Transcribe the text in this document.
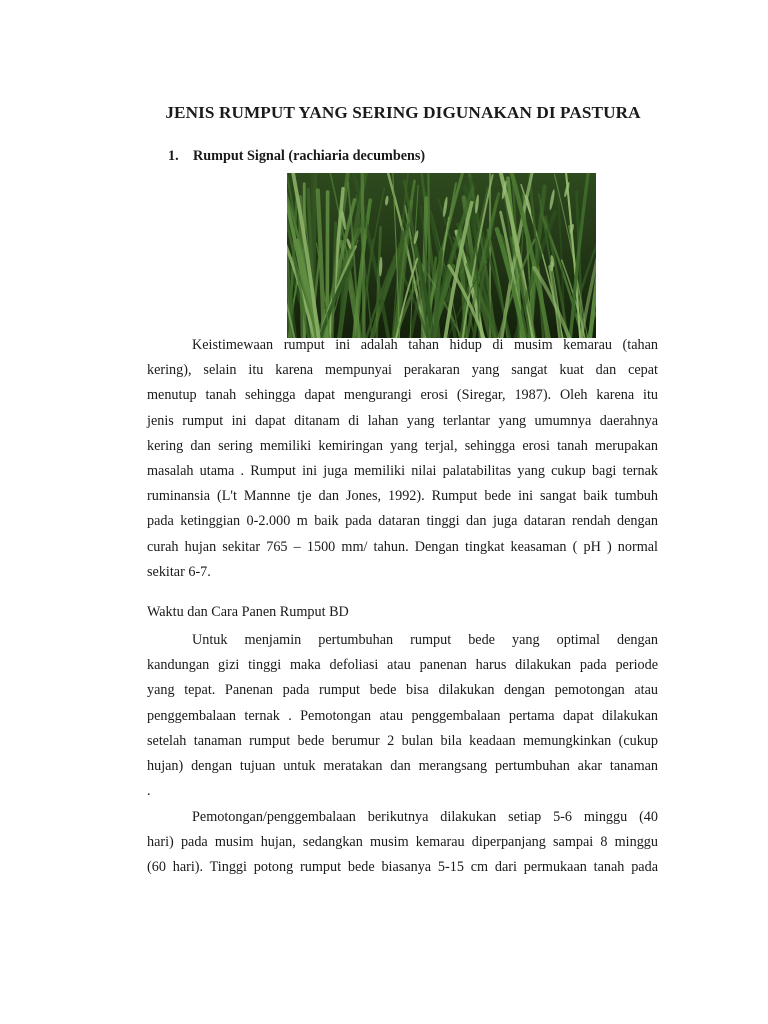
JENIS RUMPUT YANG SERING DIGUNAKAN DI PASTURA
1. Rumput Signal (rachiaria decumbens)
Keistimewaan rumput ini adalah tahan hidup di musim kemarau (tahan
kering), selain itu karena mempunyai perakaran yang sangat kuat dan cepat
menutup tanah sehingga dapat mengurangi erosi (Siregar, 1987). Oleh karena itu
jenis rumput ini dapat ditanam di lahan yang terlantar yang umumnya daerahnya
kering dan sering memiliki kemiringan yang terjal, sehingga erosi tanah merupakan
masalah utama . Rumput ini juga memiliki nilai palatabilitas yang cukup bagi ternak
ruminansia (L't Mannne tje dan Jones, 1992). Rumput bede ini sangat baik tumbuh
pada ketinggian 0-2.000 m baik pada dataran tinggi dan juga dataran rendah dengan
curah hujan sekitar 765 – 1500 mm/ tahun. Dengan tingkat keasaman ( pH ) normal
sekitar 6-7.
Waktu dan Cara Panen Rumput BD
Untuk menjamin pertumbuhan rumput bede yang optimal dengan
kandungan gizi tinggi maka defoliasi atau panenan harus dilakukan pada periode
yang tepat. Panenan pada rumput bede bisa dilakukan dengan pemotongan atau
penggembalaan ternak . Pemotongan atau penggembalaan pertama dapat dilakukan
setelah tanaman rumput bede berumur 2 bulan bila keadaan memungkinkan (cukup
hujan) dengan tujuan untuk meratakan dan merangsang pertumbuhan akar tanaman
.
Pemotongan/penggembalaan berikutnya dilakukan setiap 5-6 minggu (40
hari) pada musim hujan, sedangkan musim kemarau diperpanjang sampai 8 minggu
(60 hari). Tinggi potong rumput bede biasanya 5-15 cm dari permukaan tanah pada
